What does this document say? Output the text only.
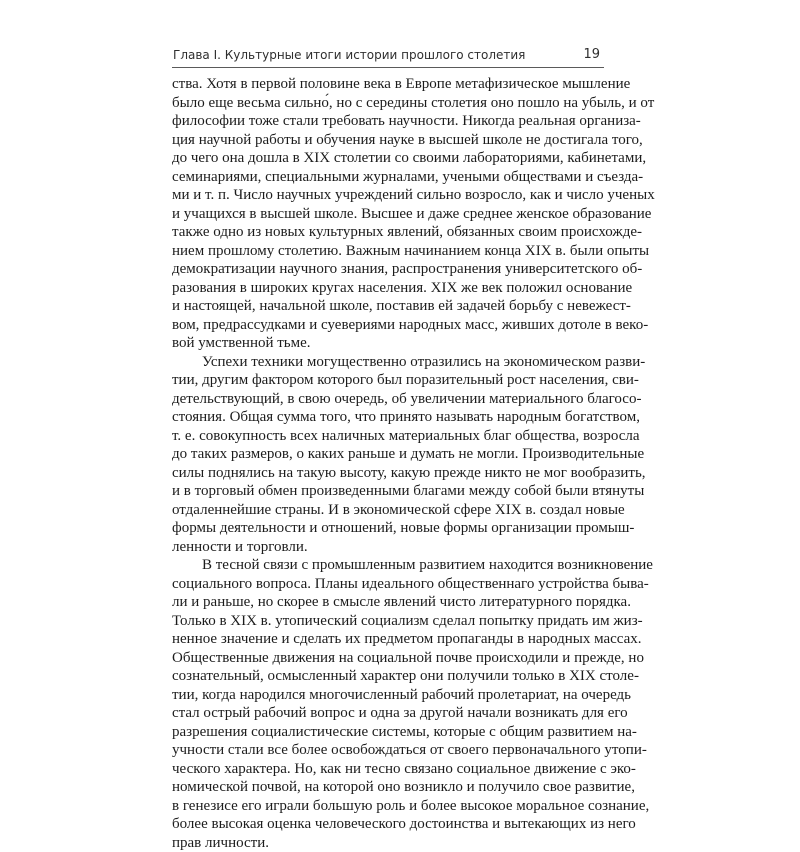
Глава I. Культурные итоги истории прошлого столетия	19
ства. Хотя в первой половине века в Европе метафизическое мышление
было еще весьма сильно́, но с середины столетия оно пошло на убыль, и от
философии тоже стали требовать научности. Никогда реальная организа-
ция научной работы и обучения науке в высшей школе не достигала того,
до чего она дошла в XIX столетии со своими лабораториями, кабинетами,
семинариями, специальными журналами, учеными обществами и съезда-
ми и т. п. Число научных учреждений сильно возросло, как и число ученых
и учащихся в высшей школе. Высшее и даже среднее женское образование
также одно из новых культурных явлений, обязанных своим происхожде-
нием прошлому столетию. Важным начинанием конца XIX в. были опыты
демократизации научного знания, распространения университетского об-
разования в широких кругах населения. XIX же век положил основание
и настоящей, начальной школе, поставив ей задачей борьбу с невежест-
вом, предрассудками и суевериями народных масс, живших дотоле в веко-
вой умственной тьме.
Успехи техники могущественно отразились на экономическом разви-
тии, другим фактором которого был поразительный рост населения, сви-
детельствующий, в свою очередь, об увеличении материального благосо-
стояния. Общая сумма того, что принято называть народным богатством,
т. е. совокупность всех наличных материальных благ общества, возросла
до таких размеров, о каких раньше и думать не могли. Производительные
силы поднялись на такую высоту, какую прежде никто не мог вообразить,
и в торговый обмен произведенными благами между собой были втянуты
отдаленнейшие страны. И в экономической сфере XIX в. создал новые
формы деятельности и отношений, новые формы организации промыш-
ленности и торговли.
В тесной связи с промышленным развитием находится возникновение
социального вопроса. Планы идеального общественнаго устройства быва-
ли и раньше, но скорее в смысле явлений чисто литературного порядка.
Только в XIX в. утопический социализм сделал попытку придать им жиз-
ненное значение и сделать их предметом пропаганды в народных массах.
Общественные движения на социальной почве происходили и прежде, но
сознательный, осмысленный характер они получили только в XIX столе-
тии, когда народился многочисленный рабочий пролетариат, на очередь
стал острый рабочий вопрос и одна за другой начали возникать для его
разрешения социалистические системы, которые с общим развитием на-
учности стали все более освобождаться от своего первоначального утопи-
ческого характера. Но, как ни тесно связано социальное движение с эко-
номической почвой, на которой оно возникло и получило свое развитие,
в генезисе его играли большую роль и более высокое моральное сознание,
более высокая оценка человеческого достоинства и вытекающих из него
прав личности.
